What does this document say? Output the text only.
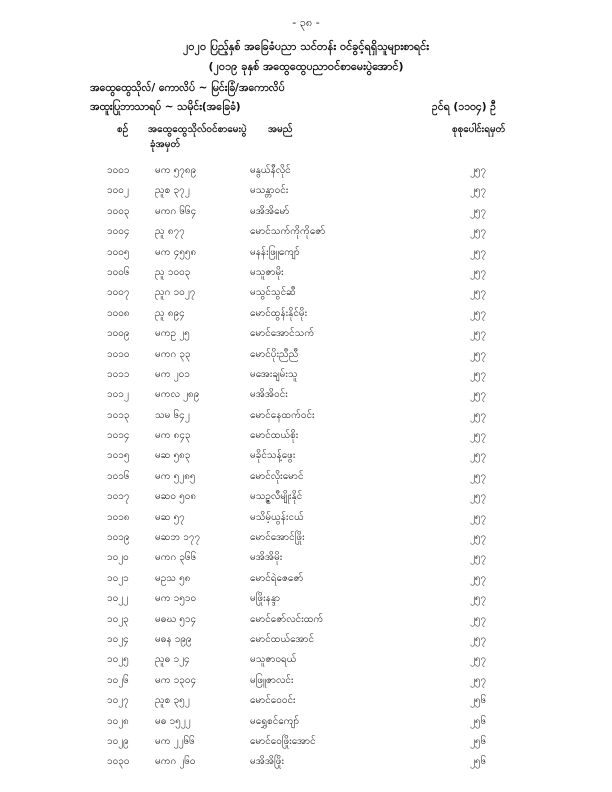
- ၃၈ -
၂၀၂၀ ပြည့်နှစ် အခြေခံပညာ သင်တန်း ဝင်ခွင့်ရရှိသူများစာရင်း
(၂၀၁၉ ခုနှစ် အထွေထွေပညာဝင်စာမေးပွဲအောင်)
အထွေထွေသိုလ်/ ကောလိပ် ~ မြင်းခြံ/အကောလိပ်
အထူးပြုဘာသာရပ် ~ သမိုင်း(အခြေခံ)	ဥင်ရ (၁၁၀၄) ဦ
စဉ် အထွေထွေသိုလ်ဝင်စာမေးပွဲ
ခုံအမှတ်
အမည်	စုစုပေါင်းရမှတ်
၁၀၀၁	မက ၅၇၈၉	မနွယ်နီလိုင်	၂၅၇
၁၀၀၂	ညူစ ၃၇၂	မသန္တာဝင်း	၂၅၇
၁၀၀၃	မကဂ ၆၆၄	မအိအိမော်	၂၅၇
၁၀၀၄	ညူ ၈၇၇	မောင်သက်ကိုကိုဇော်	၂၅၇
၁၀၀၅	မက ၄၅၅၈	မနန်းဖြူကျော်	၂၅၇
၁၀၀၆	ညူ ၁၀၀၃	မသူဇာမိုး	၂၅၇
၁၀၀၇	ညူဂ ၁၀၂၇	မသွင်သွင်ဆီ	၂၅၇
၁၀၀၈	ညူ ၈၉၄	မောင်ထွန်းနိုင်မိုး	၂၅၇
၁၀၀၉	မကဥ ၂၅	မောင်အောင်သက်	၂၅၇
၁၀၁၀	မကဂ ၃၃	မောင်ပိုးညီညီ	၂၅၇
၁၀၁၁	မက ၂၀၁	မအေးချမ်းသူ	၂၅၇
၁၀၁၂	မကလ ၂၈၉	မအိအိဝင်း	၂၅၇
၁၀၁၃	သမ ၆၄၂	မောင်နေထက်ဝင်း	၂၅၇
၁၀၁၄	မက ၈၄၃	မောင်ထယ်စိုး	၂၅၇
၁၀၁၅	မဆ ၅၈၃	မခိုင်သန့်ဖွေး	၂၅၇
၁၀၁၆	မက ၅၂၈၅	မောင်လိုးမောင်	၂၅၇
၁၀၁၇	မဆဝ ၅၀၈	မသဥ္ဇလီမျိုးနိုင်	၂၅၇
၁၀၁၈	မဆ ၅၇	မသိမ့်ယွန်းငယ်	၂၅၇
၁၀၁၉	မဆဘ ၁၇၇	မောင်အောင်ဖြိုး	၂၅၇
၁၀၂၀	မကဂ ၃၆၆	မအိအိမိုး	၂၅၇
၁၀၂၁	မဥသ ၅၈	မောင်ရဲဇေဇော်	၂၅၇
၁၀၂၂	မက ၁၅၁၀	မဖြိုးနန္ဒာ	၂၅၇
၁၀၂၃	မဓဃ ၅၁၄	မောင်ဇော်လင်းထက်	၂၅၇
၁၀၂၄	မဓန ၁၉၉	မောင်ထယ်အောင်	၂၅၇
၁၀၂၅	ညူဓ ၁၂၄	မသူဇာဝရယ်	၂၅၇
၁၀၂၆	မက ၁၃၀၄	မဖြူဇာလင်း	၂၅၇
၁၀၂၇	ညူစ ၃၅၂	မောင်ဝေဝင်း	၂၅၆
၁၀၂၈	မဓ ၁၅၂၂	မရွှေစင်ကျော်	၂၅၆
၁၀၂၉	မက ၂၂၆၆	မောင်ဝေဖြိုးအောင်	၂၅၆
၁၀၃၀	မကဂ ၂၆၀	မအိအိဖြိုး	၂၅၆
